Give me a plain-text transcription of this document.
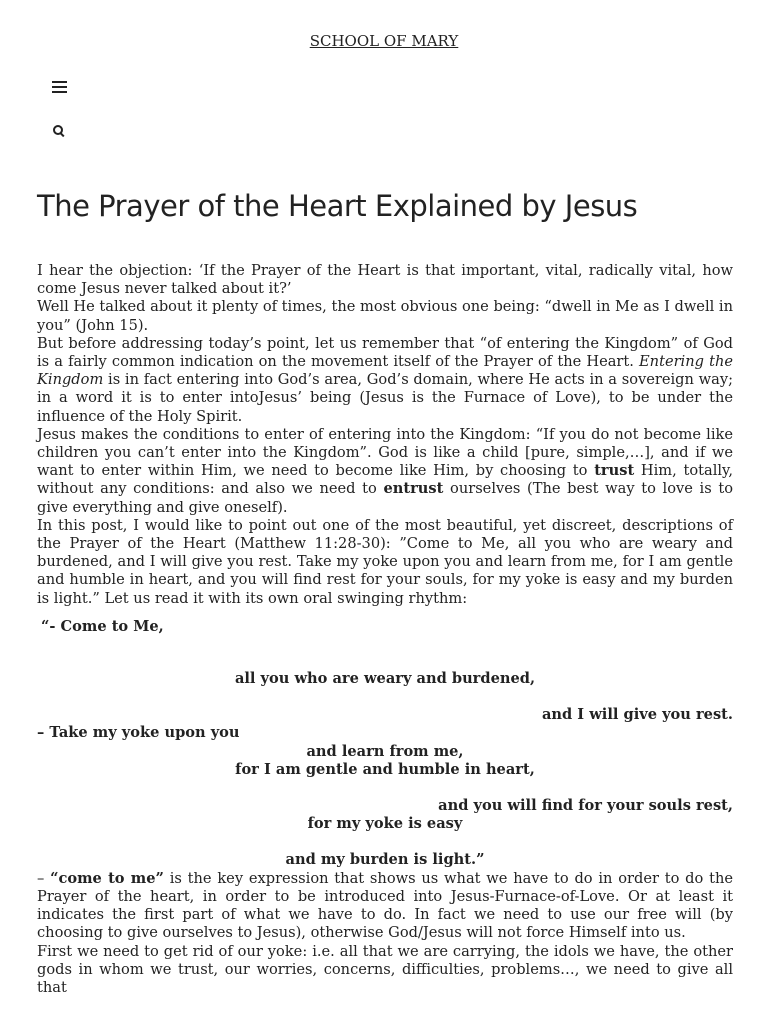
SCHOOL OF MARY
The Prayer of the Heart Explained by Jesus

I hear the objection: ‘If the Prayer of the Heart is that important, vital, radically vital, how come Jesus never talked about it?’

Well He talked about it plenty of times, the most obvious one being: “dwell in Me as I dwell in you” (John 15).

But before addressing today’s point, let us remember that “of entering the Kingdom” of God is a fairly common indication on the movement itself of the Prayer of the Heart. Entering the Kingdom is in fact entering into God’s area, God’s domain, where He acts in a sovereign way; in a word it is to enter intoJesus’ being (Jesus is the Furnace of Love), to be under the influence of the Holy Spirit.

Jesus makes the conditions to enter of entering into the Kingdom: “If you do not become like children you can’t enter into the Kingdom”. God is like a child [pure, simple,…], and if we want to enter within Him, we need to become like Him, by choosing to trust Him, totally, without any conditions: and also we need to entrust ourselves (The best way to love is to give everything and give oneself).

In this post, I would like to point out one of the most beautiful, yet discreet, descriptions of the Prayer of the Heart (Matthew 11:28-30): ”Come to Me, all you who are weary and burdened, and I will give you rest. Take my yoke upon you and learn from me, for I am gentle and humble in heart, and you will find rest for your souls, for my yoke is easy and my burden is light.” Let us read it with its own oral swinging rhythm:

“- Come to Me,

all you who are weary and burdened,

and I will give you rest.

– Take my yoke upon you

and learn from me,

for I am gentle and humble in heart,

and you will find for your souls rest,

for my yoke is easy

and my burden is light.”

– “come to me” is the key expression that shows us what we have to do in order to do the Prayer of the heart, in order to be introduced into Jesus-Furnace-of-Love. Or at least it indicates the first part of what we have to do. In fact we need to use our free will (by choosing to give ourselves to Jesus), otherwise God/Jesus will not force Himself into us.

First we need to get rid of our yoke: i.e. all that we are carrying, the idols we have, the other gods in whom we trust, our worries, concerns, difficulties, problems…, we need to give all that
